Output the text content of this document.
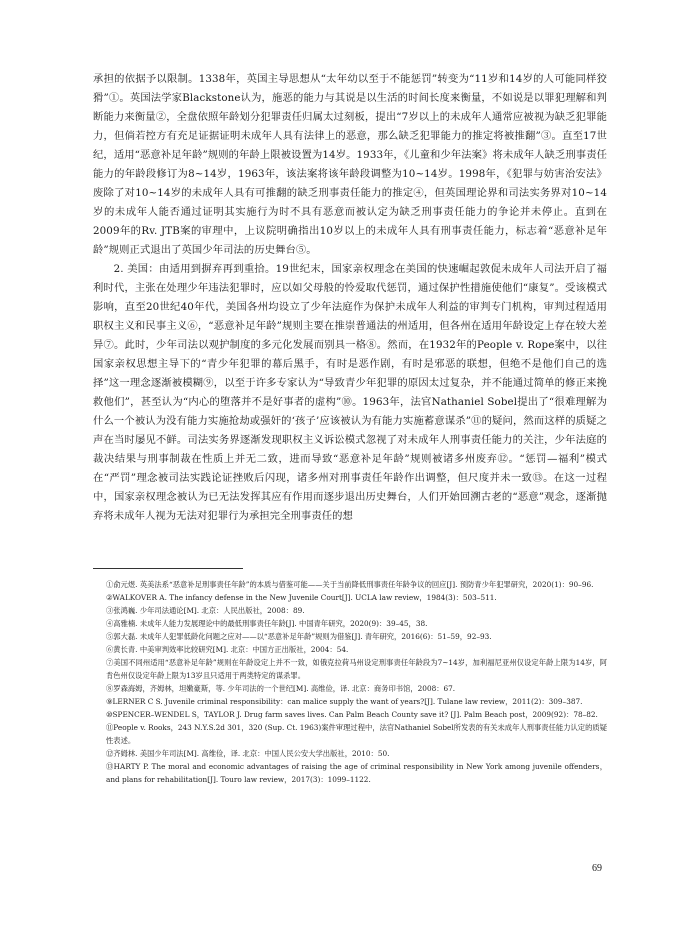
承担的依据予以限制。1338年，英国主导思想从“太年幼以至于不能惩罚”转变为“11岁和14岁的人可能同样狡猾”①。英国法学家Blackstone认为，施恶的能力与其说是以生活的时间长度来衡量，不如说是以罪犯理解和判断能力来衡量②，全盘依照年龄划分犯罪责任归属太过刻板，提出“7岁以上的未成年人通常应被视为缺乏犯罪能力，但倘若控方有充足证据证明未成年人具有法律上的恶意，那么缺乏犯罪能力的推定将被推翻”③。直至17世纪，适用“恶意补足年龄”规则的年龄上限被设置为14岁。1933年，《儿童和少年法案》将未成年人缺乏刑事责任能力的年龄段修订为8~14岁，1963年，该法案将该年龄段调整为10~14岁。1998年，《犯罪与妨害治安法》废除了对10~14岁的未成年人具有可推翻的缺乏刑事责任能力的推定④，但英国理论界和司法实务界对10~14岁的未成年人能否通过证明其实施行为时不具有恶意而被认定为缺乏刑事责任能力的争论并未停止。直到在2009年的Rv. JTB案的审理中，上议院明确指出10岁以上的未成年人具有刑事责任能力，标志着“恶意补足年龄”规则正式退出了英国少年司法的历史舞台⑤。

2. 美国：由适用到摒弃再到重拾。19世纪末，国家亲权理念在美国的快速崛起敦促未成年人司法开启了福利时代，主张在处理少年违法犯罪时，应以如父母般的怜爱取代惩罚，通过保护性措施使他们“康复”。受该模式影响，直至20世纪40年代，美国各州均设立了少年法庭作为保护未成年人利益的审判专门机构，审判过程适用职权主义和民事主义⑥，“恶意补足年龄”规则主要在推崇普通法的州适用，但各州在适用年龄设定上存在较大差异⑦。此时，少年司法以观护制度的多元化发展而别具一格⑧。然而，在1932年的People v. Rope案中，以往国家亲权思想主导下的“青少年犯罪的幕后黑手，有时是恶作剧，有时是邪恶的联想，但绝不是他们自己的选择”这一理念逐渐被模糊⑨，以至于许多专家认为“导致青少年犯罪的原因太过复杂，并不能通过简单的修正来挽救他们”，甚至认为“内心的堕落并不是好事者的虚构”⑩。1963年，法官Nathaniel Sobel提出了“很难理解为什么一个被认为没有能力实施抢劫或强奸的‘孩子’应该被认为有能力实施蓄意谋杀”⑪的疑问，然而这样的质疑之声在当时屡见不鲜。司法实务界逐渐发现职权主义诉讼模式忽视了对未成年人刑事责任能力的关注，少年法庭的裁决结果与刑事制裁在性质上并无二致，进而导致“恶意补足年龄”规则被诸多州废弃⑫。“惩罚—福利”模式在“严罚”理念被司法实践论证挫败后闪现，诸多州对刑事责任年龄作出调整，但尺度并未一致⑬。在这一过程中，国家亲权理念被认为已无法发挥其应有作用而逐步退出历史舞台，人们开始回溯古老的“恶意”观念，逐渐抛弃将未成年人视为无法对犯罪行为承担完全刑事责任的想

①俞元煜. 英美法系“恶意补足刑事责任年龄”的本质与借鉴可能——关于当前降低刑事责任年龄争议的回应[J]. 预防青少年犯罪研究，2020(1)：90–96.

②WALKOVER A. The infancy defense in the New Juvenile Court[J]. UCLA law review，1984(3)：503–511.

③张鸿巍. 少年司法通论[M]. 北京：人民出版社，2008：89.

④高雅楠. 未成年人能力发展理论中的最低刑事责任年龄[J]. 中国青年研究，2020(9)：39–45，38.

⑤郭大磊. 未成年人犯罪低龄化问题之应对——以“恶意补足年龄”规则为借鉴[J]. 青年研究，2016(6)：51–59，92–93.

⑥黄长青. 中美审判效率比较研究[M]. 北京：中国方正出版社，2004：54.

⑦美国不同州适用“恶意补足年龄”规则在年龄设定上并不一致，如俄克拉荷马州设定刑事责任年龄段为7~14岁，加利福尼亚州仅设定年龄上限为14岁，阿肯色州仅设定年龄上限为13岁且只适用于两类特定的谋杀罪。

⑧罗森海姆，齐姆林，坦嫩豪斯，等. 少年司法的一个世纪[M]. 高维俭，译. 北京：商务印书馆，2008：67.

⑨LERNER C S. Juvenile criminal responsibility：can malice supply the want of years?[J]. Tulane law review，2011(2)：309–387.

⑩SPENCER–WENDEL S，TAYLOR J. Drug farm saves lives. Can Palm Beach County save it? [J]. Palm Beach post，2009(92)：78–82.

⑪People v. Rooks，243 N.Y.S.2d 301，320 (Sup. Ct. 1963)案件审理过程中，法官Nathaniel Sobel所发表的有关未成年人刑事责任能力认定的质疑性表述。

⑫齐姆林. 美国少年司法[M]. 高维俭，译. 北京：中国人民公安大学出版社，2010：50.

⑬HARTY P. The moral and economic advantages of raising the age of criminal responsibility in New York among juvenile offenders，and plans for rehabilitation[J]. Touro law review，2017(3)：1099–1122.

69
